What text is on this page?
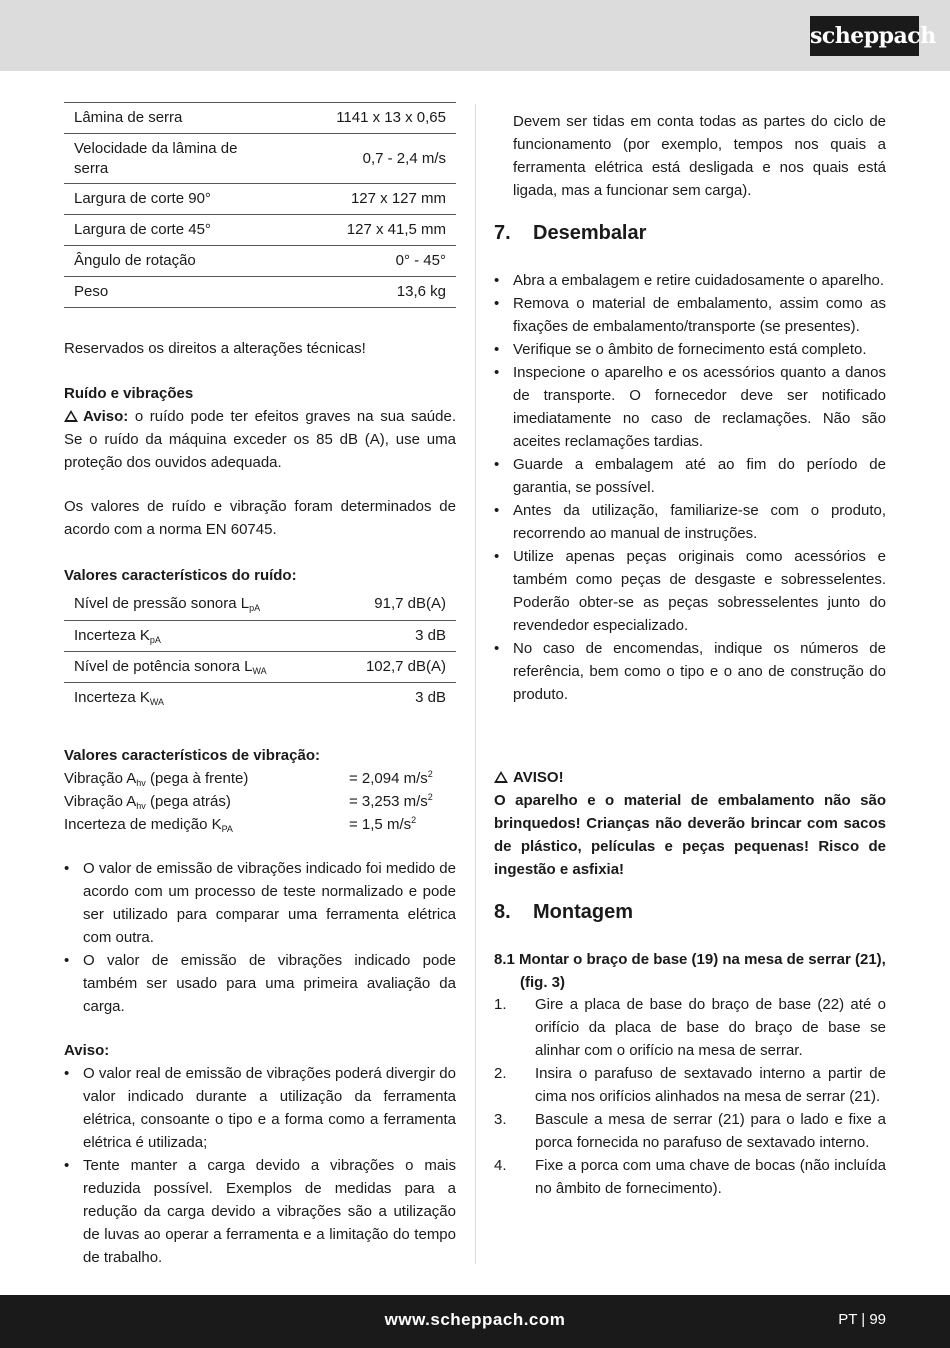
scheppach
Lâmina de serra	1141 x 13 x 0,65
Velocidade da lâmina de serra	0,7 - 2,4 m/s
Largura de corte 90°	127 x 127 mm
Largura de corte 45°	127 x 41,5 mm
Ângulo de rotação	0° - 45°
Peso	13,6 kg
Reservados os direitos a alterações técnicas!
Ruído e vibrações
Aviso: o ruído pode ter efeitos graves na sua saúde. Se o ruído da máquina exceder os 85 dB (A), use uma proteção dos ouvidos adequada.
Os valores de ruído e vibração foram determinados de acordo com a norma EN 60745.
Valores característicos do ruído:
Nível de pressão sonora $L_{pA}$	91,7 dB(A)
Incerteza $K_{pA}$	3 dB
Nível de potência sonora $L_{WA}$	102,7 dB(A)
Incerteza $K_{WA}$	3 dB
Valores característicos de vibração:
Vibração $A_{hv}$ (pega à frente)	= 2,094 $m/s^2$
Vibração $A_{hv}$ (pega atrás)	= 3,253 $m/s^2$
Incerteza de medição $K_{PA}$	= 1,5 $m/s^2$
• O valor de emissão de vibrações indicado foi medido de acordo com um processo de teste normalizado e pode ser utilizado para comparar uma ferramenta elétrica com outra.
• O valor de emissão de vibrações indicado pode também ser usado para uma primeira avaliação da carga.
Aviso:
• O valor real de emissão de vibrações poderá divergir do valor indicado durante a utilização da ferramenta elétrica, consoante o tipo e a forma como a ferramenta elétrica é utilizada;
• Tente manter a carga devido a vibrações o mais reduzida possível. Exemplos de medidas para a redução da carga devido a vibrações são a utilização de luvas ao operar a ferramenta e a limitação do tempo de trabalho.
Devem ser tidas em conta todas as partes do ciclo de funcionamento (por exemplo, tempos nos quais a ferramenta elétrica está desligada e nos quais está ligada, mas a funcionar sem carga).
7. Desembalar
• Abra a embalagem e retire cuidadosamente o aparelho.
• Remova o material de embalamento, assim como as fixações de embalamento/transporte (se presentes).
• Verifique se o âmbito de fornecimento está completo.
• Inspecione o aparelho e os acessórios quanto a danos de transporte. O fornecedor deve ser notificado imediatamente no caso de reclamações. Não são aceites reclamações tardias.
• Guarde a embalagem até ao fim do período de garantia, se possível.
• Antes da utilização, familiarize-se com o produto, recorrendo ao manual de instruções.
• Utilize apenas peças originais como acessórios e também como peças de desgaste e sobresselentes. Poderão obter-se as peças sobresselentes junto do revendedor especializado.
• No caso de encomendas, indique os números de referência, bem como o tipo e o ano de construção do produto.
AVISO!
O aparelho e o material de embalamento não são brinquedos! Crianças não deverão brincar com sacos de plástico, películas e peças pequenas! Risco de ingestão e asfixia!
8. Montagem
8.1 Montar o braço de base (19) na mesa de serrar (21), (fig. 3)
1. Gire a placa de base do braço de base (22) até o orifício da placa de base do braço de base se alinhar com o orifício na mesa de serrar.
2. Insira o parafuso de sextavado interno a partir de cima nos orifícios alinhados na mesa de serrar (21).
3. Bascule a mesa de serrar (21) para o lado e fixe a porca fornecida no parafuso de sextavado interno.
4. Fixe a porca com uma chave de bocas (não incluída no âmbito de fornecimento).
www.scheppach.com	PT | 99
